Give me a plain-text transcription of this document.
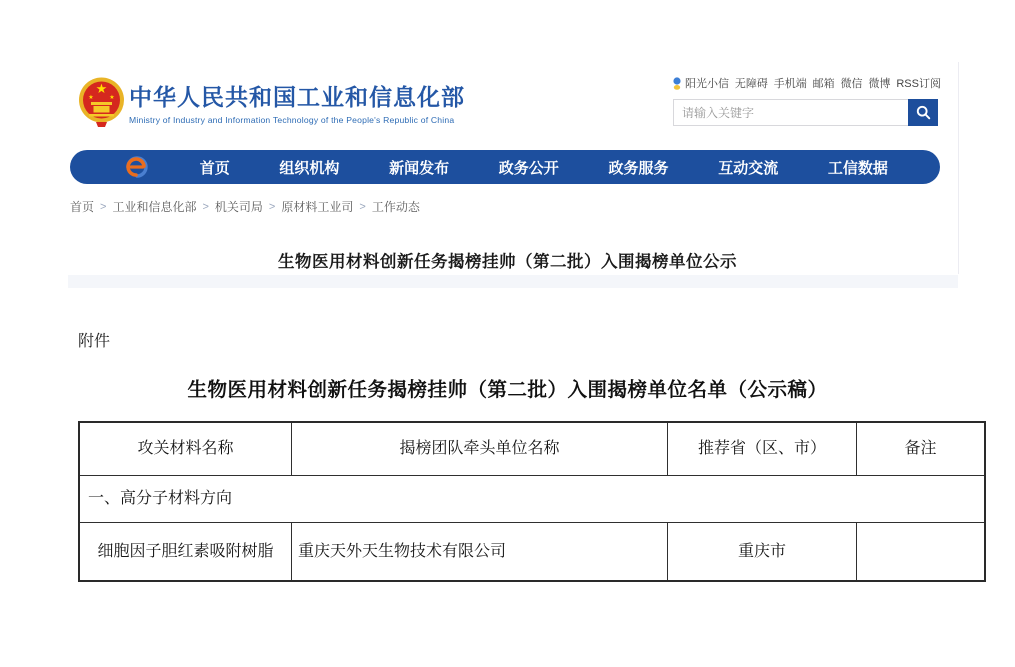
★
★	★ 中华人民共和国工业和信息化部
Ministry of Industry and Information Technology of the People's Republic of China
阳光小信 无障碍 手机端 邮箱 微信 微博 RSS订阅
请输入关键字
首页	组织机构	新闻发布	政务公开	政务服务	互动交流	工信数据
首页 > 工业和信息化部 > 机关司局 > 原材料工业司 > 工作动态
生物医用材料创新任务揭榜挂帅（第二批）入围揭榜单位公示
附件
生物医用材料创新任务揭榜挂帅（第二批）入围揭榜单位名单（公示稿）
攻关材料名称	揭榜团队牵头单位名称	推荐省（区、市）	备注
一、高分子材料方向			
细胞因子胆红素吸附树脂	重庆天外天生物技术有限公司	重庆市	
